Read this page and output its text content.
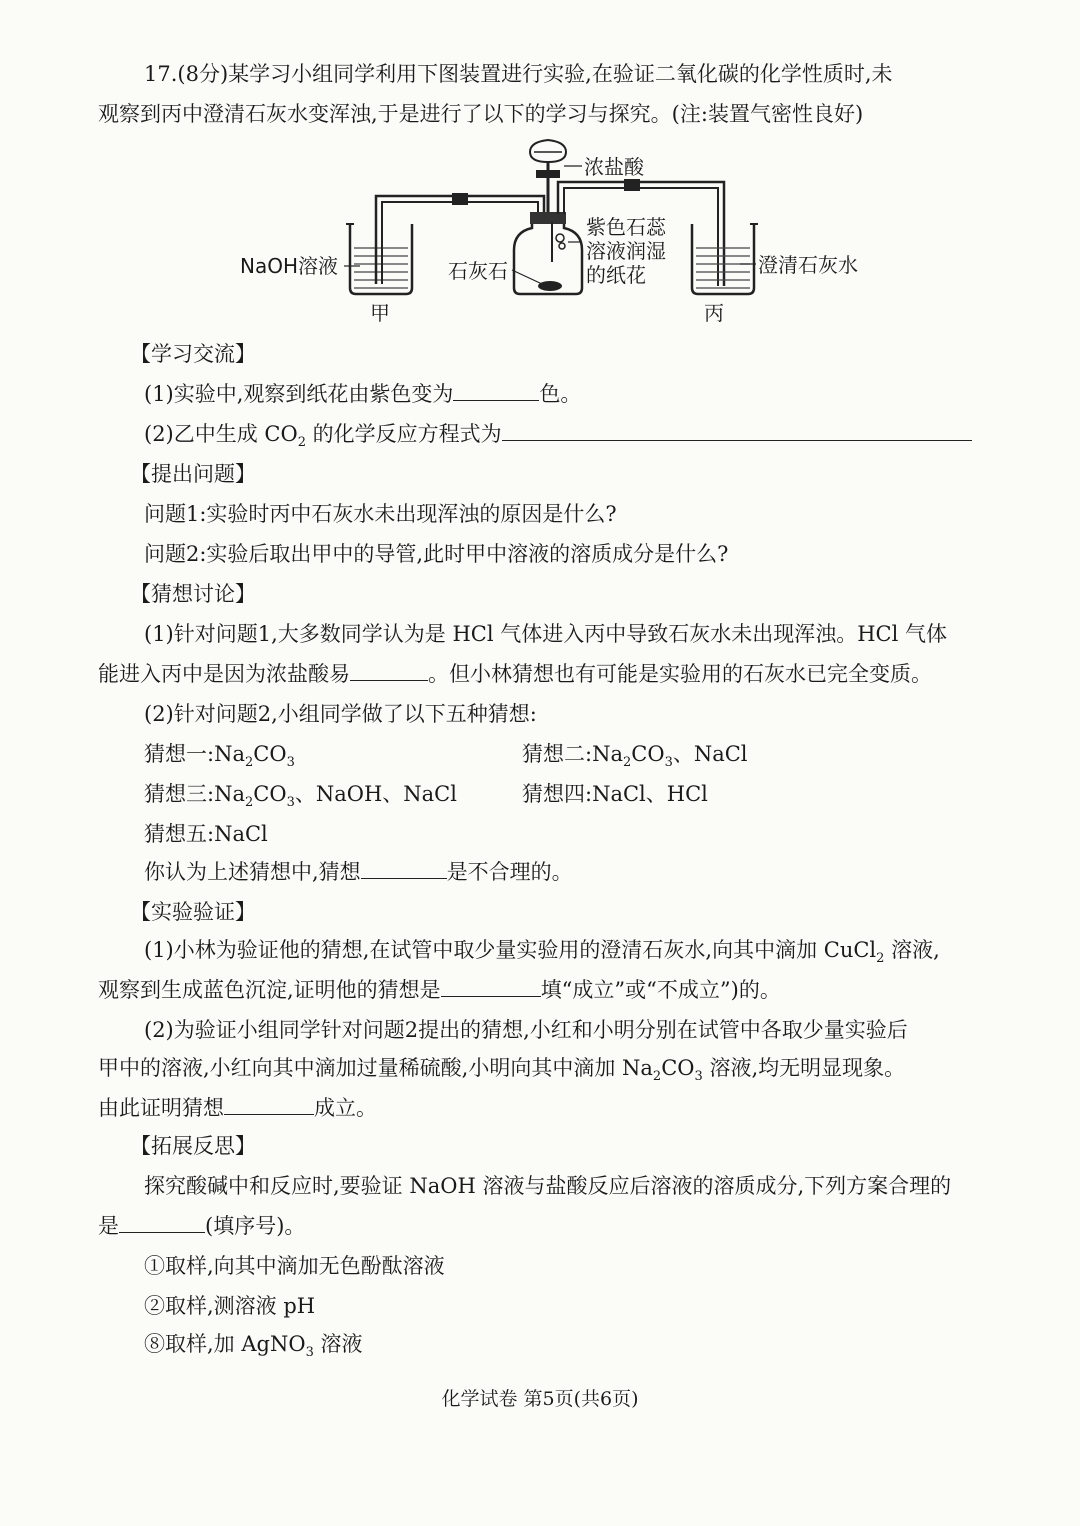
17.(8分)某学习小组同学利用下图装置进行实验,在验证二氧化碳的化学性质时,未
观察到丙中澄清石灰水变浑浊,于是进行了以下的学习与探究。(注:装置气密性良好)
浓盐酸
NaOH溶液	石灰石
紫色石蕊
溶液润湿
的纸花	澄清石灰水
甲	丙
【学习交流】
(1)实验中,观察到纸花由紫色变为	色。
(2)乙中生成 $CO_2$ 的化学反应方程式为
【提出问题】
问题1:实验时丙中石灰水未出现浑浊的原因是什么?
问题2:实验后取出甲中的导管,此时甲中溶液的溶质成分是什么?
【猜想讨论】
(1)针对问题1,大多数同学认为是 HCl 气体进入丙中导致石灰水未出现浑浊。HCl 气体
能进入丙中是因为浓盐酸易	。但小林猜想也有可能是实验用的石灰水已完全变质。
(2)针对问题2,小组同学做了以下五种猜想:
猜想一$:Na_2CO_3$	猜想二$:Na_2CO_3$、NaCl
猜想三$:Na_2CO_3$、NaOH、NaCl	猜想四:NaCl、HCl
猜想五:NaCl
你认为上述猜想中,猜想	是不合理的。
【实验验证】
(1)小林为验证他的猜想,在试管中取少量实验用的澄清石灰水,向其中滴加 CuCl$_2$ 溶液,
观察到生成蓝色沉淀,证明他的猜想是	填“成立”或“不成立”)的。
(2)为验证小组同学针对问题2提出的猜想,小红和小明分别在试管中各取少量实验后
甲中的溶液,小红向其中滴加过量稀硫酸,小明向其中滴加 $Na_2CO_3$ 溶液,均无明显现象。
由此证明猜想	成立。
【拓展反思】
探究酸碱中和反应时,要验证 NaOH 溶液与盐酸反应后溶液的溶质成分,下列方案合理的
是	(填序号)。
①取样,向其中滴加无色酚酞溶液
②取样,测溶液 pH
⑧取样,加 AgNO$_3$ 溶液
化学试卷 第5页(共6页)
